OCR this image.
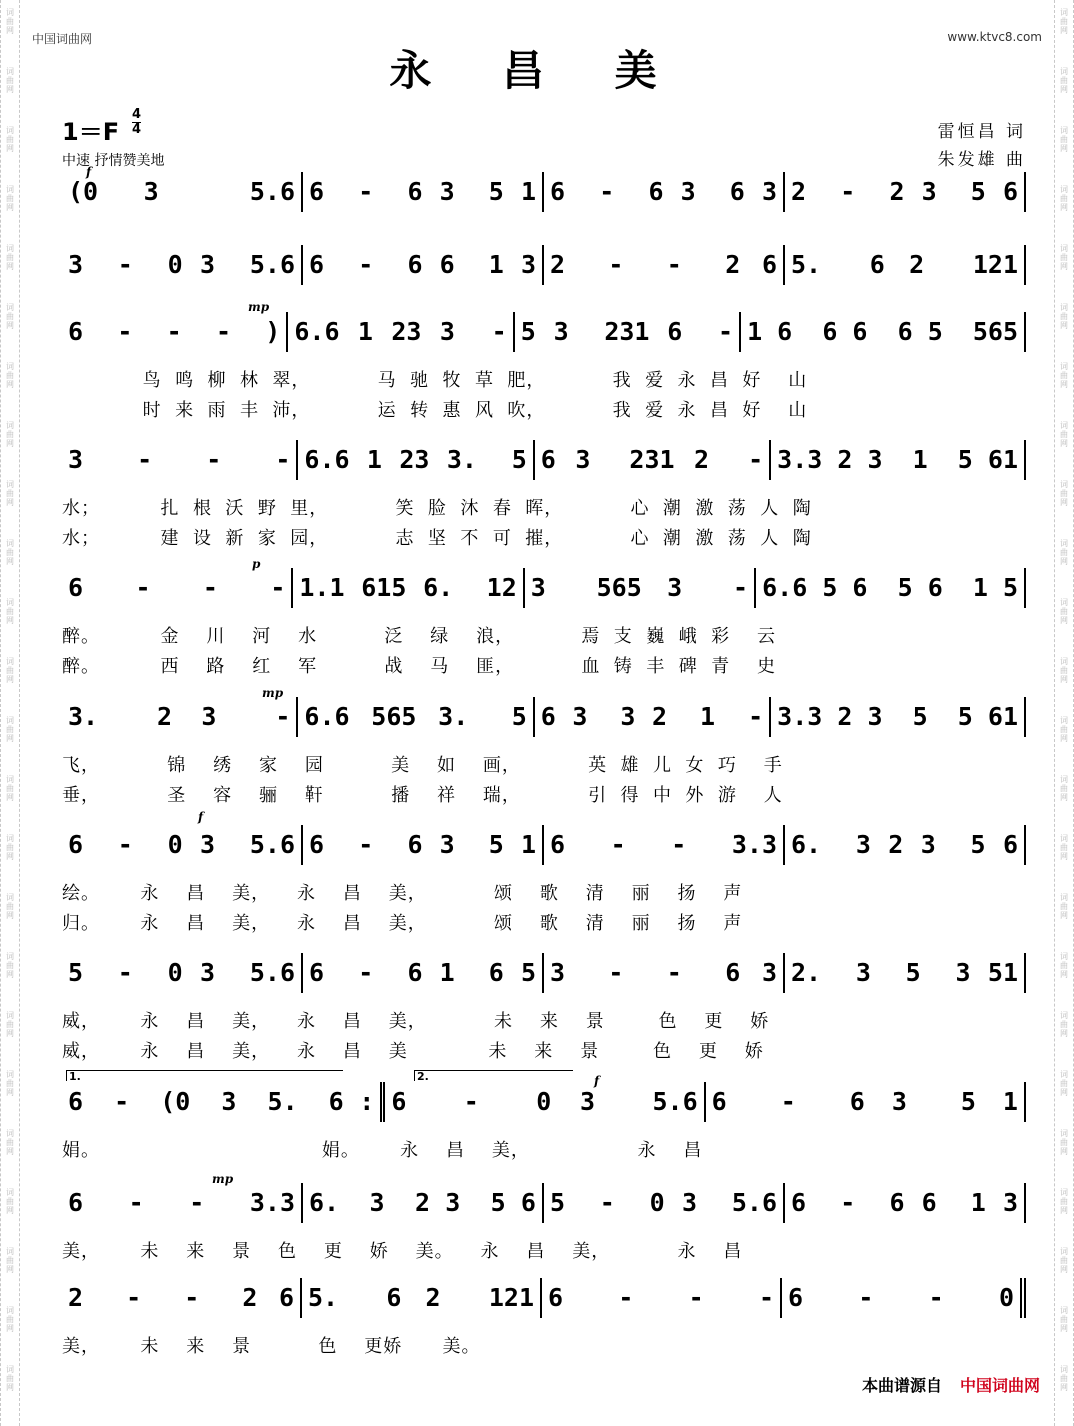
词
曲
网
词
曲
网
词
曲
网
词
曲
网
词
曲
网
词
曲
网
词
曲
网
词
曲
网
词
曲
网
词
曲
网
词
曲
网
词
曲
网
词
曲
网
词
曲
网
词
曲
网
词
曲
网
词
曲
网
词
曲
网
词
曲
网
词
曲
网
词
曲
网
词
曲
网
词
曲
网
词
曲
网
词
曲
网
词
曲
网
词
曲
网
词
曲
网
词
曲
网
词
曲
网
词
曲
网
词
曲
网
词
曲
网
词
曲
网
词
曲
网
词
曲
网
词
曲
网
词
曲
网
词
曲
网
词
曲
网
词
曲
网
词
曲
网
词
曲
网
词
曲
网
词
曲
网
词
曲
网
词
曲
网
词
曲
网
中国词曲网	www.ktvc8.com
永 昌 美
1＝F
4
4
中速 抒情赞美地
雷恒昌 词
朱发雄 曲
(0 3  5.6 6  -  6 3  5 1 6  -  6 3  6 3 2  -  2 3  5 6
3  -  0 3  5.6 6  -  6 6  1 3 2  -  -  2 6 5.  6 2  121
6  -  -  -  ) 6.6 1 23 3  - 5 3  231 6  - 1 6  6 6  6 5  565
鸟  鸣  柳  林  翠，          马  驰  牧  草  肥，          我  爱  永  昌  好    山
时  来  雨  丰  沛，          运  转  惠  风  吹，          我  爱  永  昌  好    山
3  -  -  - 6.6 1 23 3.  5 6 3  231 2  - 3.3 2 3  1  5 61
水；         扎  根  沃  野  里，          笑  脸  沐  春  晖，          心  潮  激  荡  人  陶
水；         建  设  新  家  园，          志  坚  不  可  摧，          心  潮  激  荡  人  陶
6  -  -  - 1.1 615 6.  12 3  565 3  - 6.6 5 6  5 6  1 5
醉。         金    川    河    水          泛    绿    浪，          焉  支  巍  峨  彩    云
醉。         西    路    红    军          战    马    匪，          血  铸  丰  碑  青    史
3.  2 3  - 6.6 565 3.  5 6 3  3 2  1  - 3.3 2 3  5  5 61
飞，          锦    绣    家    园          美    如    画，          英  雄  儿  女  巧    手
垂，          圣    容    骊    靬          播    祥    瑞，          引  得  中  外  游    人
6  -  0 3  5.6 6  -  6 3  5 1 6  -  -  3.3 6.  3 2 3  5 6
绘。      永    昌    美，    永    昌    美，          颂    歌    清    丽    扬    声
归。      永    昌    美，    永    昌    美，          颂    歌    清    丽    扬    声
5  -  0 3  5.6 6  -  6 1  6 5 3  -  -  6 3 2.  3  5  3 51
威，      永    昌    美，    永    昌    美，          未    来    景        色    更    娇
威，      永    昌    美，    永    昌    美            未    来    景        色    更    娇
6  -  (0  3  5.  6 : 6  -  0 3  5.6 6  -  6 3  5 1
娟。                                 娟。      永    昌    美，                永    昌
6  -  -  3.3 6.  3  2 3  5 6 5  -  0 3  5.6 6  -  6 6  1 3
美，      未    来    景    色    更    娇    美。    永    昌    美，          永    昌
2  -  -  2 6 5.  6 2  121 6  -  -  - 6  -  -  0
美，      未    来    景          色    更娇      美。
本曲谱源自 中国词曲网
f
mp
p
mp
f
f
mp
1.	2.
